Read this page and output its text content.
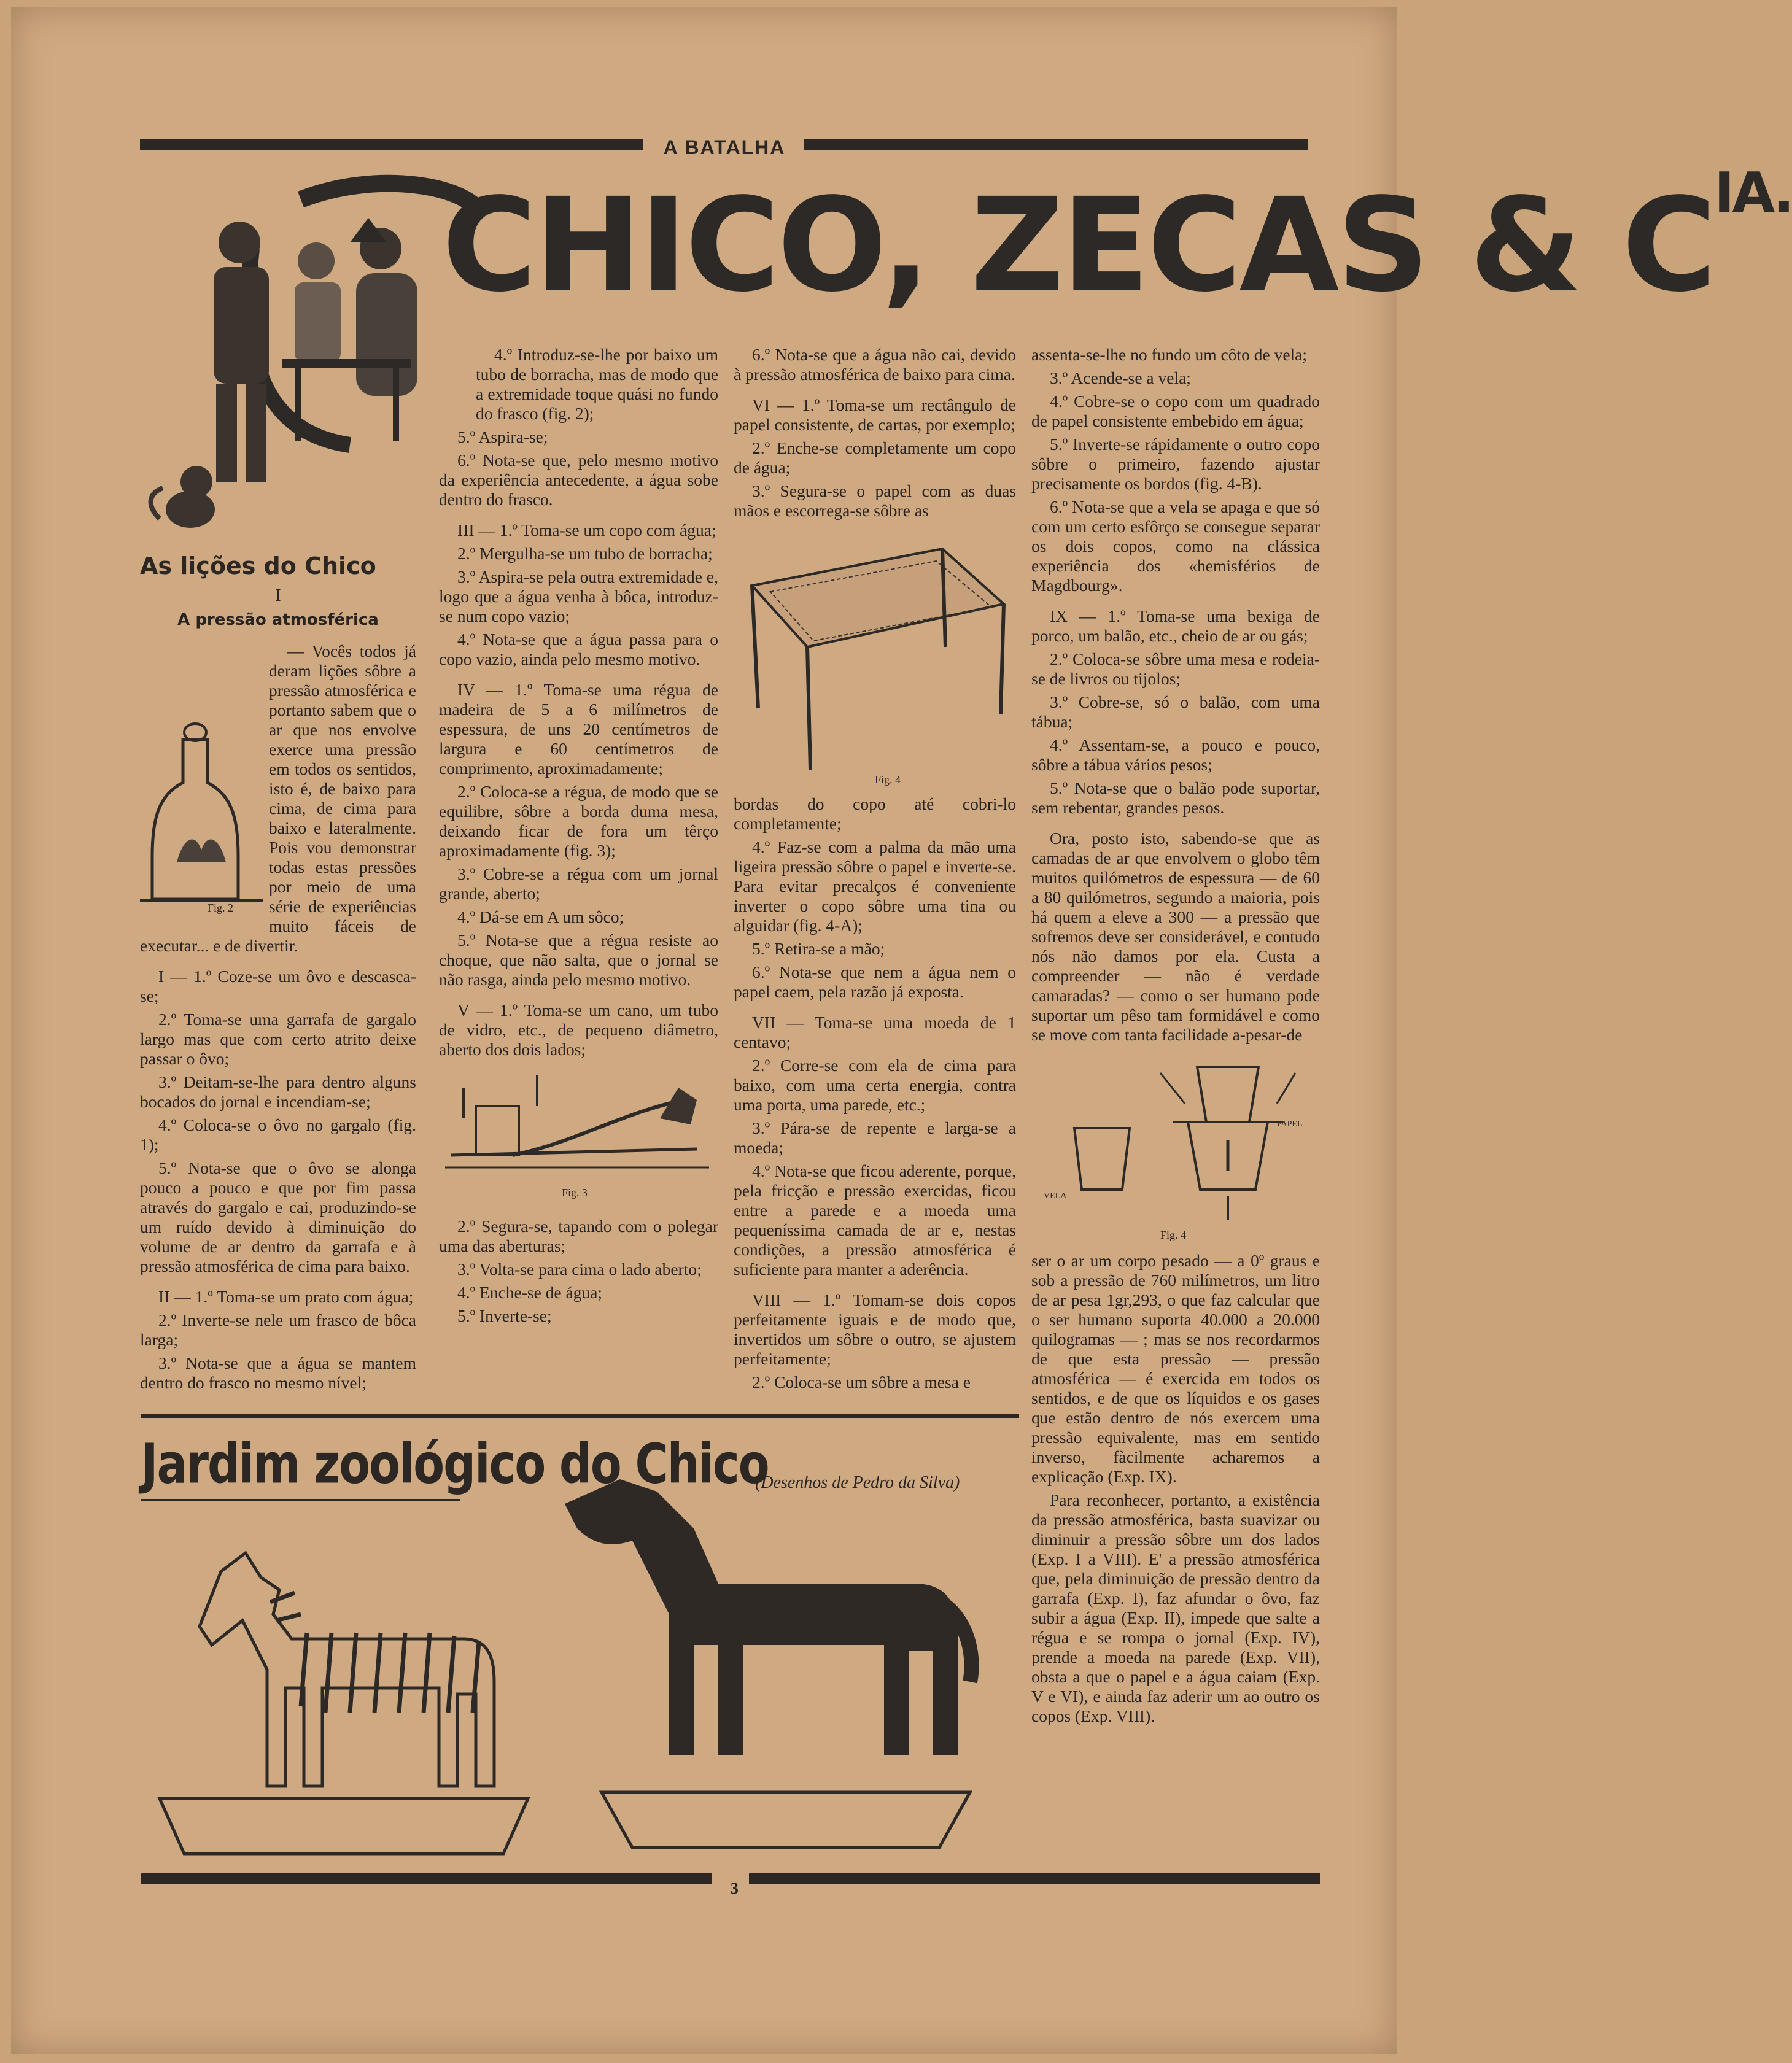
A BATALHA
CHICO, ZECAS & $C^{IA.}$
As lições do Chico
I
A pressão atmosférica
Fig. 2

— Vocês todos já deram lições sôbre a pressão atmosférica e portanto sabem que o ar que nos envolve exerce uma pressão em todos os sentidos, isto é, de baixo para cima, de cima para baixo e lateralmente. Pois vou demonstrar todas estas pressões por meio de uma série de experiências muito fáceis de executar... e de divertir.

I — 1.º Coze-se um ôvo e descasca-se;

2.º Toma-se uma garrafa de gargalo largo mas que com certo atrito deixe passar o ôvo;

3.º Deitam-se-lhe para dentro alguns bocados do jornal e incendiam-se;

4.º Coloca-se o ôvo no gargalo (fig. 1);

5.º Nota-se que o ôvo se alonga pouco a pouco e que por fim passa através do gargalo e cai, produzindo-se um ruído devido à diminuição do volume de ar dentro da garrafa e à pressão atmosférica de cima para baixo.

II — 1.º Toma-se um prato com água;

2.º Inverte-se nele um frasco de bôca larga;

3.º Nota-se que a água se mantem dentro do frasco no mesmo nível;

4.º Introduz-se-lhe por baixo um tubo de borracha, mas de modo que a extremidade toque quási no fundo do frasco (fig. 2);

5.º Aspira-se;

6.º Nota-se que, pelo mesmo motivo da experiência antecedente, a água sobe dentro do frasco.

III — 1.º Toma-se um copo com água;

2.º Mergulha-se um tubo de borracha;

3.º Aspira-se pela outra extremidade e, logo que a água venha à bôca, introduz-se num copo vazio;

4.º Nota-se que a água passa para o copo vazio, ainda pelo mesmo motivo.

IV — 1.º Toma-se uma régua de madeira de 5 a 6 milímetros de espessura, de uns 20 centímetros de largura e 60 centímetros de comprimento, aproximadamente;

2.º Coloca-se a régua, de modo que se equilibre, sôbre a borda duma mesa, deixando ficar de fora um têrço aproximadamente (fig. 3);

3.º Cobre-se a régua com um jornal grande, aberto;

4.º Dá-se em A um sôco;

5.º Nota-se que a régua resiste ao choque, que não salta, que o jornal se não rasga, ainda pelo mesmo motivo.

V — 1.º Toma-se um cano, um tubo de vidro, etc., de pequeno diâmetro, aberto dos dois lados;

Fig. 3

2.º Segura-se, tapando com o polegar uma das aberturas;

3.º Volta-se para cima o lado aberto;

4.º Enche-se de água;

5.º Inverte-se;

6.º Nota-se que a água não cai, devido à pressão atmosférica de baixo para cima.

VI — 1.º Toma-se um rectângulo de papel consistente, de cartas, por exemplo;

2.º Enche-se completamente um copo de água;

3.º Segura-se o papel com as duas mãos e escorrega-se sôbre as

Fig. 4

bordas do copo até cobri-lo completamente;

4.º Faz-se com a palma da mão uma ligeira pressão sôbre o papel e inverte-se. Para evitar precalços é conveniente inverter o copo sôbre uma tina ou alguidar (fig. 4-A);

5.º Retira-se a mão;

6.º Nota-se que nem a água nem o papel caem, pela razão já exposta.

VII — Toma-se uma moeda de 1 centavo;

2.º Corre-se com ela de cima para baixo, com uma certa energia, contra uma porta, uma parede, etc.;

3.º Pára-se de repente e larga-se a moeda;

4.º Nota-se que ficou aderente, porque, pela fricção e pressão exercidas, ficou entre a parede e a moeda uma pequeníssima camada de ar e, nestas condições, a pressão atmosférica é suficiente para manter a aderência.

VIII — 1.º Tomam-se dois copos perfeitamente iguais e de modo que, invertidos um sôbre o outro, se ajustem perfeitamente;

2.º Coloca-se um sôbre a mesa e

assenta-se-lhe no fundo um côto de vela;

3.º Acende-se a vela;

4.º Cobre-se o copo com um quadrado de papel consistente embebido em água;

5.º Inverte-se rápidamente o outro copo sôbre o primeiro, fazendo ajustar precisamente os bordos (fig. 4-B).

6.º Nota-se que a vela se apaga e que só com um certo esfôrço se consegue separar os dois copos, como na clássica experiência dos «hemisférios de Magdbourg».

IX — 1.º Toma-se uma bexiga de porco, um balão, etc., cheio de ar ou gás;

2.º Coloca-se sôbre uma mesa e rodeia-se de livros ou tijolos;

3.º Cobre-se, só o balão, com uma tábua;

4.º Assentam-se, a pouco e pouco, sôbre a tábua vários pesos;

5.º Nota-se que o balão pode suportar, sem rebentar, grandes pesos.

Ora, posto isto, sabendo-se que as camadas de ar que envolvem o globo têm muitos quilómetros de espessura — de 60 a 80 quilómetros, segundo a maioria, pois há quem a eleve a 300 — a pressão que sofremos deve ser considerável, e contudo nós não damos por ela. Custa a compreender — não é verdade camaradas? — como o ser humano pode suportar um pêso tam formidável e como se move com tanta facilidade a-pesar-de

PAPEL
VELA
Fig. 4

ser o ar um corpo pesado — a 0º graus e sob a pressão de 760 milímetros, um litro de ar pesa 1gr,293, o que faz calcular que o ser humano suporta 40.000 a 20.000 quilogramas — ; mas se nos recordarmos de que esta pressão — pressão atmosférica — é exercida em todos os sentidos, e de que os líquidos e os gases que estão dentro de nós exercem uma pressão equivalente, mas em sentido inverso, fàcilmente acharemos a explicação (Exp. IX).

Para reconhecer, portanto, a existência da pressão atmosférica, basta suavizar ou diminuir a pressão sôbre um dos lados (Exp. I a VIII). E' a pressão atmosférica que, pela diminuição de pressão dentro da garrafa (Exp. I), faz afundar o ôvo, faz subir a água (Exp. II), impede que salte a régua e se rompa o jornal (Exp. IV), prende a moeda na parede (Exp. VII), obsta a que o papel e a água caiam (Exp. V e VI), e ainda faz aderir um ao outro os copos (Exp. VIII).

Jardim zoológico do Chico
(Desenhos de Pedro da Silva)
3
